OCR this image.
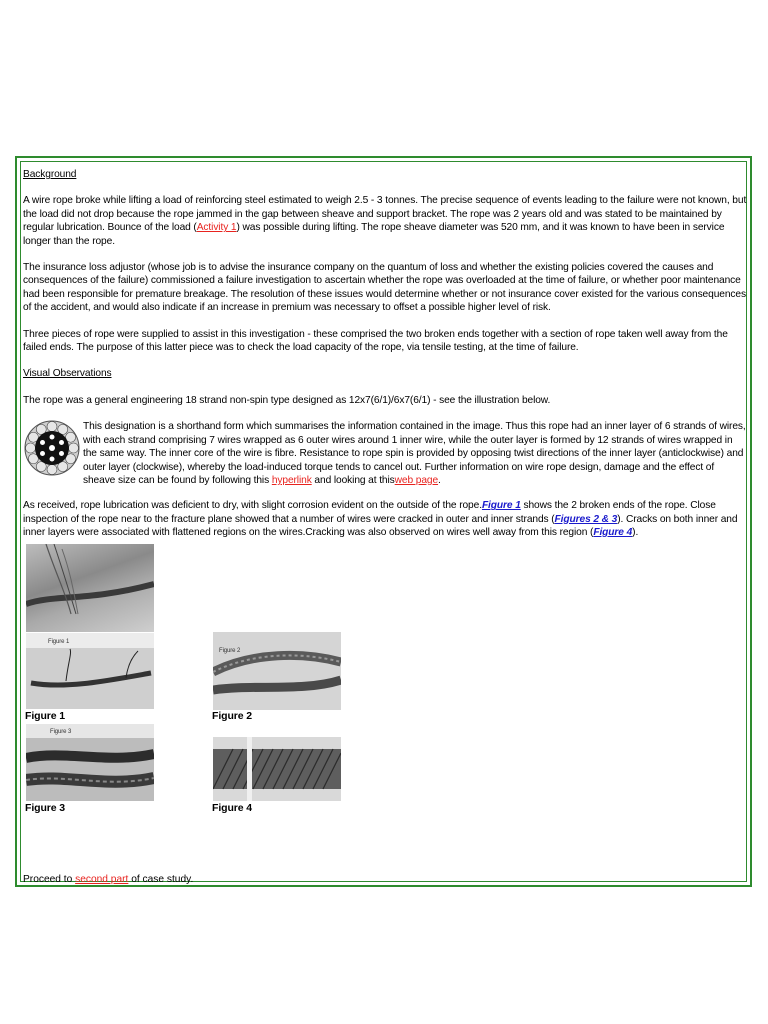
Background

A wire rope broke while lifting a load of reinforcing steel estimated to weigh 2.5 - 3 tonnes. The precise sequence of events leading to the failure were not known, but the load did not drop because the rope jammed in the gap between sheave and support bracket. The rope was 2 years old and was stated to be maintained by regular lubrication. Bounce of the load (Activity 1) was possible during lifting. The rope sheave diameter was 520 mm, and it was known to have been in service longer than the rope.

The insurance loss adjustor (whose job is to advise the insurance company on the quantum of loss and whether the existing policies covered the causes and consequences of the failure) commissioned a failure investigation to ascertain whether the rope was overloaded at the time of failure, or whether poor maintenance had been responsible for premature breakage. The resolution of these issues would determine whether or not insurance cover existed for the various consequences of the accident, and would also indicate if an increase in premium was necessary to offset a possible higher level of risk.

Three pieces of rope were supplied to assist in this investigation - these comprised the two broken ends together with a section of rope taken well away from the failed ends. The purpose of this latter piece was to check the load capacity of the rope, via tensile testing, at the time of failure.

Visual Observations

The rope was a general engineering 18 strand non-spin type designed as 12x7(6/1)/6x7(6/1) - see the illustration below.

This designation is a shorthand form which summarises the information contained in the image. Thus this rope had an inner layer of 6 strands of wires, with each strand comprising 7 wires wrapped as 6 outer wires around 1 inner wire, while the outer layer is formed by 12 strands of wires wrapped in the same way. The inner core of the wire is fibre. Resistance to rope spin is provided by opposing twist directions of the inner layer (anticlockwise) and outer layer (clockwise), whereby the load-induced torque tends to cancel out. Further information on wire rope design, damage and the effect of sheave size can be found by following this hyperlink and looking at thisweb page.

As received, rope lubrication was deficient to dry, with slight corrosion evident on the outside of the rope.Figure 1 shows the 2 broken ends of the rope. Close inspection of the rope near to the fracture plane showed that a number of wires were cracked in outer and inner strands (Figures 2 & 3). Cracks on both inner and inner layers were associated with flattened regions on the wires.Cracking was also observed on wires well away from this region (Figure 4).

Figure 1
Figure 1
Figure 2
Figure 2
Figure 3
Figure 3	Figure 4
Proceed to second part of case study.
